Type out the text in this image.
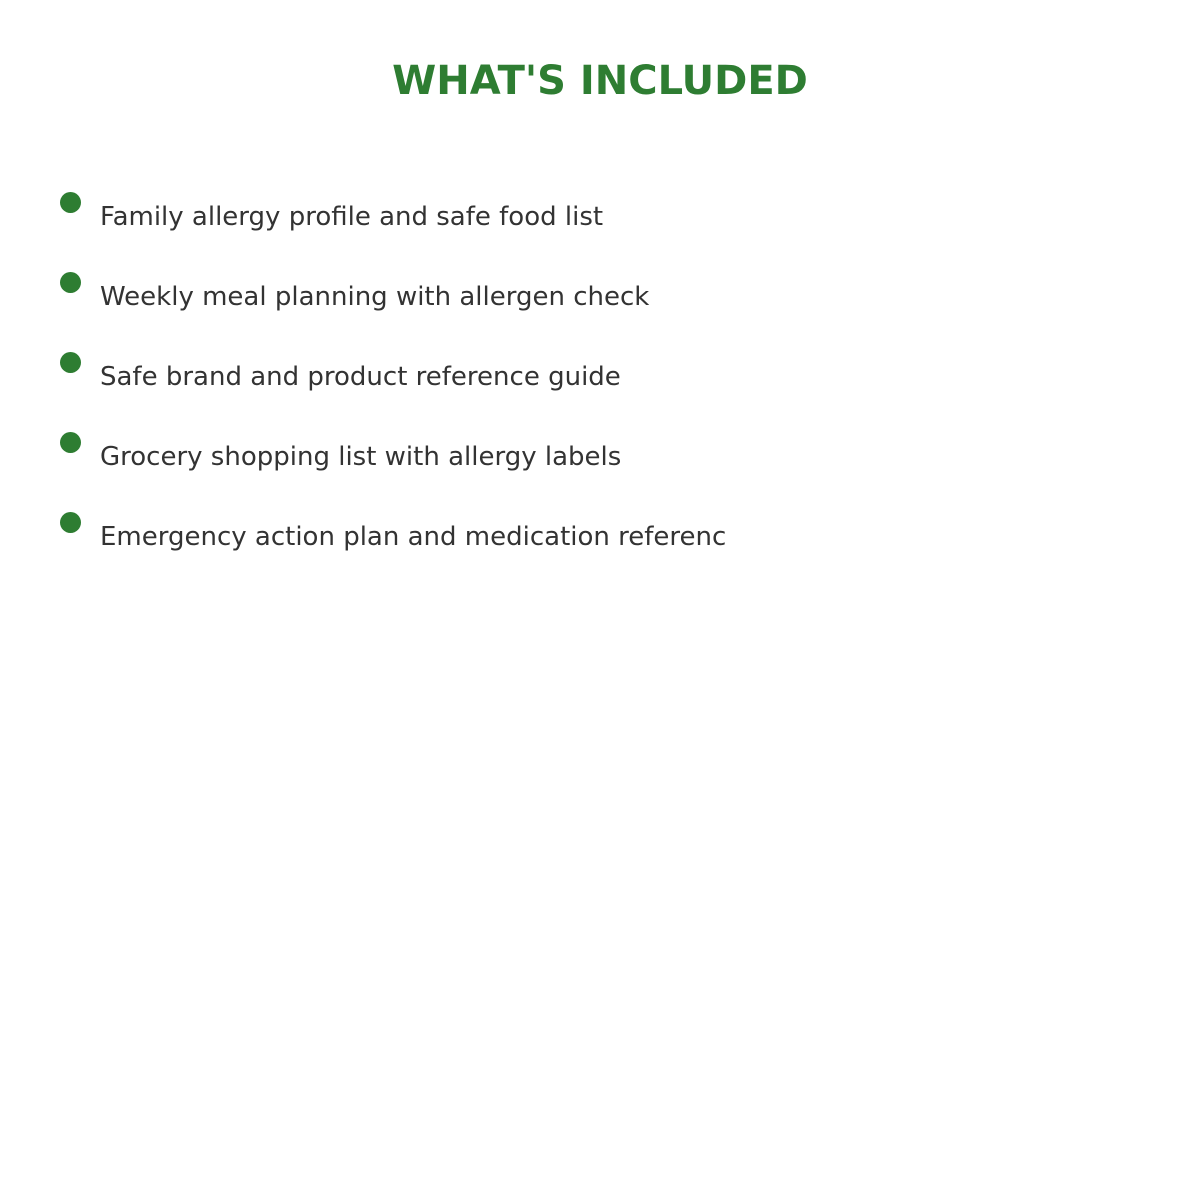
WHAT'S INCLUDED
Family allergy profile and safe food list
Weekly meal planning with allergen check
Safe brand and product reference guide
Grocery shopping list with allergy labels
Emergency action plan and medication referenc
